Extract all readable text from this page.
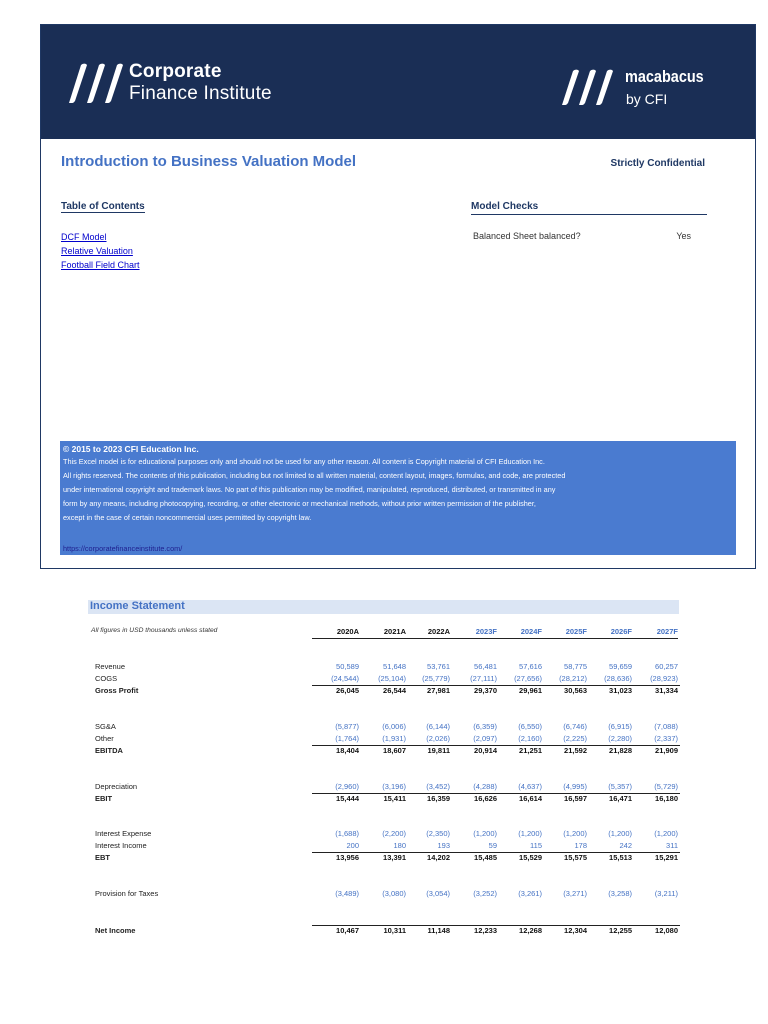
Corporate
Finance Institute
macabacus
by CFI
Introduction to Business Valuation Model	Strictly Confidential
Table of Contents	Model Checks
DCF Model
Relative Valuation
Football Field Chart
Balanced Sheet balanced?	Yes
© 2015 to 2023 CFI Education Inc.
This Excel model is for educational purposes only and should not be used for any other reason. All content is Copyright material of CFI Education Inc.
All rights reserved. The contents of this publication, including but not limited to all written material, content layout, images, formulas, and code, are protected
under international copyright and trademark laws. No part of this publication may be modified, manipulated, reproduced, distributed, or transmitted in any
form by any means, including photocopying, recording, or other electronic or mechanical methods, without prior written permission of the publisher,
except in the case of certain noncommercial uses permitted by copyright law.
https://corporatefinanceinstitute.com/
Income Statement
All figures in USD thousands unless stated	2020A	2021A	2022A	2023F	2024F	2025F	2026F	2027F
Revenue	50,589	51,648	53,761	56,481	57,616	58,775	59,659	60,257
COGS	(24,544)	(25,104)	(25,779)	(27,111)	(27,656)	(28,212)	(28,636)	(28,923)
Gross Profit	26,045	26,544	27,981	29,370	29,961	30,563	31,023	31,334
SG&A	(5,877)	(6,006)	(6,144)	(6,359)	(6,550)	(6,746)	(6,915)	(7,088)
Other	(1,764)	(1,931)	(2,026)	(2,097)	(2,160)	(2,225)	(2,280)	(2,337)
EBITDA	18,404	18,607	19,811	20,914	21,251	21,592	21,828	21,909
Depreciation	(2,960)	(3,196)	(3,452)	(4,288)	(4,637)	(4,995)	(5,357)	(5,729)
EBIT	15,444	15,411	16,359	16,626	16,614	16,597	16,471	16,180
Interest Expense	(1,688)	(2,200)	(2,350)	(1,200)	(1,200)	(1,200)	(1,200)	(1,200)
Interest Income	200	180	193	59	115	178	242	311
EBT	13,956	13,391	14,202	15,485	15,529	15,575	15,513	15,291
Provision for Taxes	(3,489)	(3,080)	(3,054)	(3,252)	(3,261)	(3,271)	(3,258)	(3,211)
Net Income	10,467	10,311	11,148	12,233	12,268	12,304	12,255	12,080
